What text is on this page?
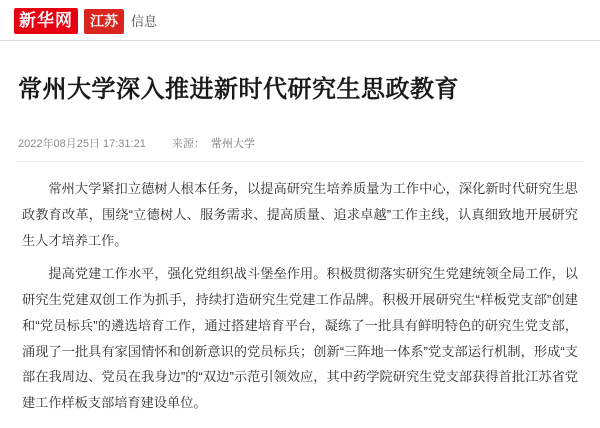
新华网	江苏	信息
常州大学深入推进新时代研究生思政教育
2022年08月25日 17:31:21 来源： 常州大学

常州大学紧扣立德树人根本任务，以提高研究生培养质量为工作中心，深化新时代研究生思政教育改革，围绕“立德树人、服务需求、提高质量、追求卓越”工作主线，认真细致地开展研究生人才培养工作。

提高党建工作水平，强化党组织战斗堡垒作用。积极贯彻落实研究生党建统领全局工作，以研究生党建双创工作为抓手，持续打造研究生党建工作品牌。积极开展研究生“样板党支部”创建和“党员标兵”的遴选培育工作，通过搭建培育平台，凝练了一批具有鲜明特色的研究生党支部，涌现了一批具有家国情怀和创新意识的党员标兵；创新“三阵地一体系”党支部运行机制，形成“支部在我周边、党员在我身边”的“双边”示范引领效应，其中药学院研究生党支部获得首批江苏省党建工作样板支部培育建设单位。
